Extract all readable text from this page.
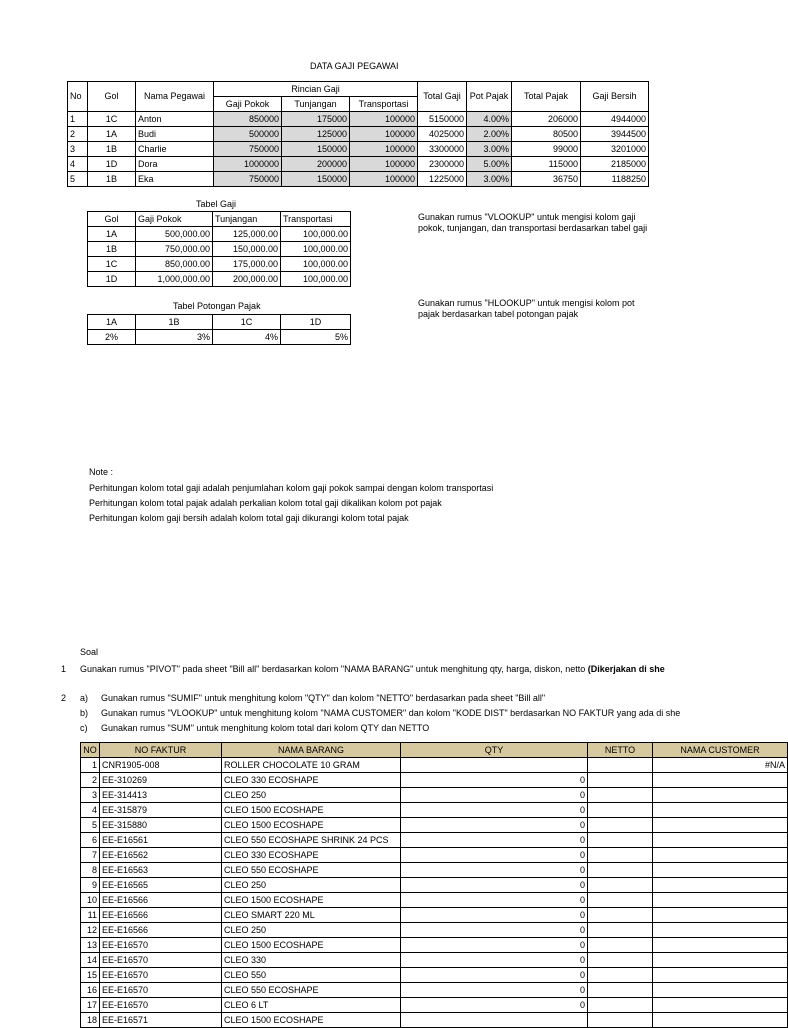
DATA GAJI PEGAWAI
No	Gol	Nama Pegawai	Rincian Gaji			Total Gaji	Pot Pajak	Total Pajak	Gaji Bersih
			Gaji Pokok	Tunjangan	Transportasi				
1	1C	Anton	850000	175000	100000	5150000	4.00%	206000	4944000
2	1A	Budi	500000	125000	100000	4025000	2.00%	80500	3944500
3	1B	Charlie	750000	150000	100000	3300000	3.00%	99000	3201000
4	1D	Dora	1000000	200000	100000	2300000	5.00%	115000	2185000
5	1B	Eka	750000	150000	100000	1225000	3.00%	36750	1188250
Tabel Gaji
Gol	Gaji Pokok	Tunjangan	Transportasi
1A	500,000.00	125,000.00	100,000.00
1B	750,000.00	150,000.00	100,000.00
1C	850,000.00	175,000.00	100,000.00
1D	1,000,000.00	200,000.00	100,000.00
Gunakan rumus "VLOOKUP" untuk mengisi kolom gaji pokok, tunjangan, dan transportasi berdasarkan tabel gaji
Gunakan rumus "HLOOKUP" untuk mengisi kolom pot pajak berdasarkan tabel potongan pajak
Tabel Potongan Pajak
1A	1B	1C	1D
2%	3%	4%	5%
Note :
Perhitungan kolom total gaji adalah penjumlahan kolom gaji pokok sampai dengan kolom transportasi
Perhitungan kolom total pajak adalah perkalian kolom total gaji dikalikan kolom pot pajak
Perhitungan kolom gaji bersih adalah kolom total gaji dikurangi kolom total pajak
Soal
1 Gunakan rumus "PIVOT" pada sheet "Bill all" berdasarkan kolom "NAMA BARANG" untuk menghitung qty, harga, diskon, netto (Dikerjakan di she
2 a) Gunakan rumus "SUMIF" untuk menghitung kolom "QTY" dan kolom "NETTO" berdasarkan pada sheet "Bill all"
b) Gunakan rumus "VLOOKUP" untuk menghitung kolom "NAMA CUSTOMER" dan kolom "KODE DIST" berdasarkan NO FAKTUR yang ada di she
c) Gunakan rumus "SUM" untuk menghitung kolom total dari kolom QTY dan NETTO
NO	NO FAKTUR	NAMA BARANG	QTY	NETTO	NAMA CUSTOMER
1	CNR1905-008	ROLLER CHOCOLATE 10 GRAM			#N/A
2	EE-310269	CLEO 330 ECOSHAPE	0		
3	EE-314413	CLEO 250	0		
4	EE-315879	CLEO 1500 ECOSHAPE	0		
5	EE-315880	CLEO 1500 ECOSHAPE	0		
6	EE-E16561	CLEO 550 ECOSHAPE SHRINK 24 PCS	0		
7	EE-E16562	CLEO 330 ECOSHAPE	0		
8	EE-E16563	CLEO 550 ECOSHAPE	0		
9	EE-E16565	CLEO 250	0		
10	EE-E16566	CLEO 1500 ECOSHAPE	0		
11	EE-E16566	CLEO SMART 220 ML	0		
12	EE-E16566	CLEO 250	0		
13	EE-E16570	CLEO 1500 ECOSHAPE	0		
14	EE-E16570	CLEO 330	0		
15	EE-E16570	CLEO 550	0		
16	EE-E16570	CLEO 550 ECOSHAPE	0		
17	EE-E16570	CLEO 6 LT	0		
18	EE-E16571	CLEO 1500 ECOSHAPE			
